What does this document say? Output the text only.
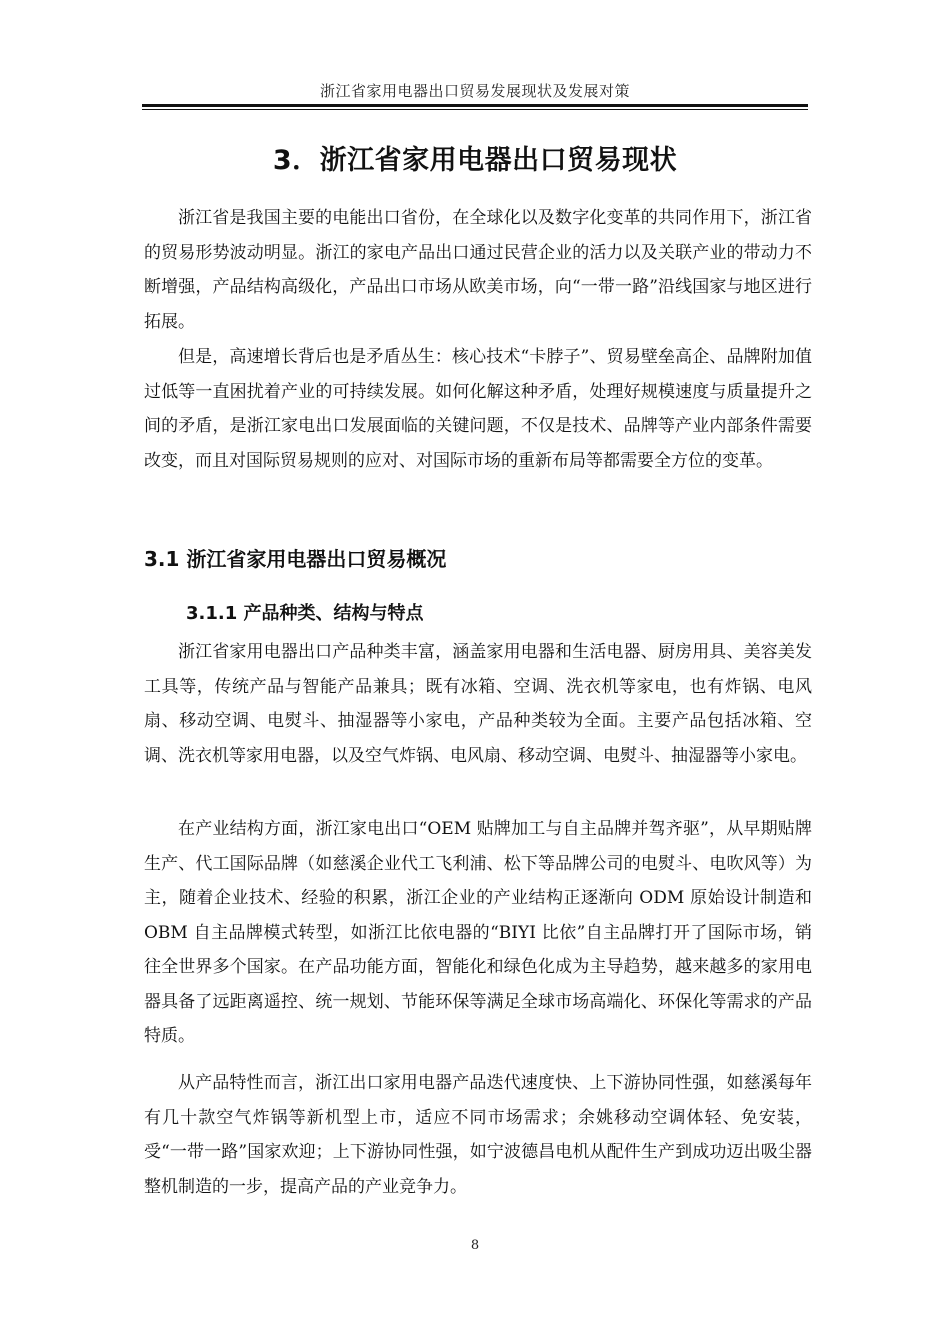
浙江省家用电器出口贸易发展现状及发展对策
3．浙江省家用电器出口贸易现状

浙江省是我国主要的电能出口省份，在全球化以及数字化变革的共同作用下，浙江省的贸易形势波动明显。浙江的家电产品出口通过民营企业的活力以及关联产业的带动力不断增强，产品结构高级化，产品出口市场从欧美市场，向“一带一路”沿线国家与地区进行拓展。

但是，高速增长背后也是矛盾丛生：核心技术“卡脖子”、贸易壁垒高企、品牌附加值过低等一直困扰着产业的可持续发展。如何化解这种矛盾，处理好规模速度与质量提升之间的矛盾，是浙江家电出口发展面临的关键问题，不仅是技术、品牌等产业内部条件需要改变，而且对国际贸易规则的应对、对国际市场的重新布局等都需要全方位的变革。

3.1 浙江省家用电器出口贸易概况
3.1.1 产品种类、结构与特点

浙江省家用电器出口产品种类丰富，涵盖家用电器和生活电器、厨房用具、美容美发工具等，传统产品与智能产品兼具；既有冰箱、空调、洗衣机等家电，也有炸锅、电风扇、移动空调、电熨斗、抽湿器等小家电，产品种类较为全面。主要产品包括冰箱、空调、洗衣机等家用电器，以及空气炸锅、电风扇、移动空调、电熨斗、抽湿器等小家电。

在产业结构方面，浙江家电出口“OEM 贴牌加工与自主品牌并驾齐驱”，从早期贴牌生产、代工国际品牌（如慈溪企业代工飞利浦、松下等品牌公司的电熨斗、电吹风等）为主，随着企业技术、经验的积累，浙江企业的产业结构正逐渐向 ODM 原始设计制造和 OBM 自主品牌模式转型，如浙江比依电器的“BIYI 比依”自主品牌打开了国际市场，销往全世界多个国家。在产品功能方面，智能化和绿色化成为主导趋势，越来越多的家用电器具备了远距离遥控、统一规划、节能环保等满足全球市场高端化、环保化等需求的产品特质。

从产品特性而言，浙江出口家用电器产品迭代速度快、上下游协同性强，如慈溪每年有几十款空气炸锅等新机型上市，适应不同市场需求；余姚移动空调体轻、免安装，受“一带一路”国家欢迎；上下游协同性强，如宁波德昌电机从配件生产到成功迈出吸尘器整机制造的一步，提高产品的产业竞争力。

8
